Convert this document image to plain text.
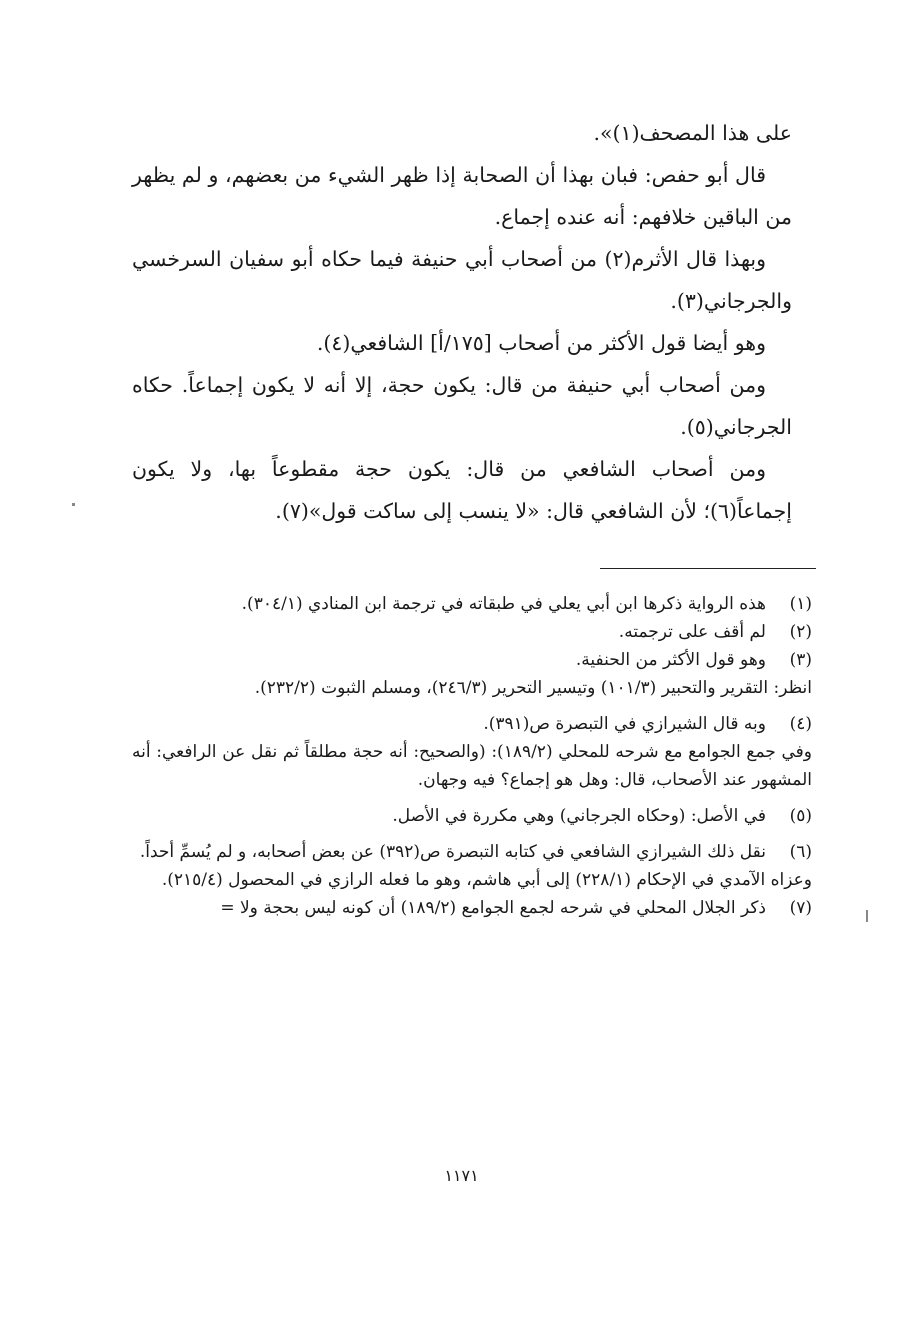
على هذا المصحف(١)».

قال أبو حفص: فبان بهذا أن الصحابة إذا ظهر الشيء من بعضهم، و لم يظهر من الباقين خلافهم: أنه عنده إجماع.

وبهذا قال الأثرم(٢) من أصحاب أبي حنيفة فيما حكاه أبو سفيان السرخسي والجرجاني(٣).

وهو أيضا قول الأكثر من أصحاب [١٧٥/أ] الشافعي(٤).

ومن أصحاب أبي حنيفة من قال: يكون حجة، إلا أنه لا يكون إجماعاً. حكاه الجرجاني(٥).

ومن أصحاب الشافعي من قال: يكون حجة مقطوعاً بها، ولا يكون إجماعاً(٦)؛ لأن الشافعي قال: «لا ينسب إلى ساكت قول»(٧).

(١)
هذه الرواية ذكرها ابن أبي يعلي في طبقاته في ترجمة ابن المنادي (٣٠٤/١).
(٢)
لم أقف على ترجمته.
(٣)
وهو قول الأكثر من الحنفية.

انظر: التقرير والتحبير (١٠١/٣) وتيسير التحرير (٢٤٦/٣)، ومسلم الثبوت (٢٣٢/٢).

(٤)
وبه قال الشيرازي في التبصرة ص(٣٩١).

وفي جمع الجوامع مع شرحه للمحلي (١٨٩/٢): (والصحيح: أنه حجة مطلقاً ثم نقل عن الرافعي: أنه المشهور عند الأصحاب، قال: وهل هو إجماع؟ فيه وجهان.

(٥)
في الأصل: (وحكاه الجرجاني) وهي مكررة في الأصل.
(٦)
نقل ذلك الشيرازي الشافعي في كتابه التبصرة ص(٣٩٢) عن بعض أصحابه، و لم يُسمِّ أحداً.

وعزاه الآمدي في الإحكام (٢٢٨/١) إلى أبي هاشم، وهو ما فعله الرازي في المحصول (٢١٥/٤).

(٧)
ذكر الجلال المحلي في شرحه لجمع الجوامع (١٨٩/٢) أن كونه ليس بحجة ولا =
١١٧١
